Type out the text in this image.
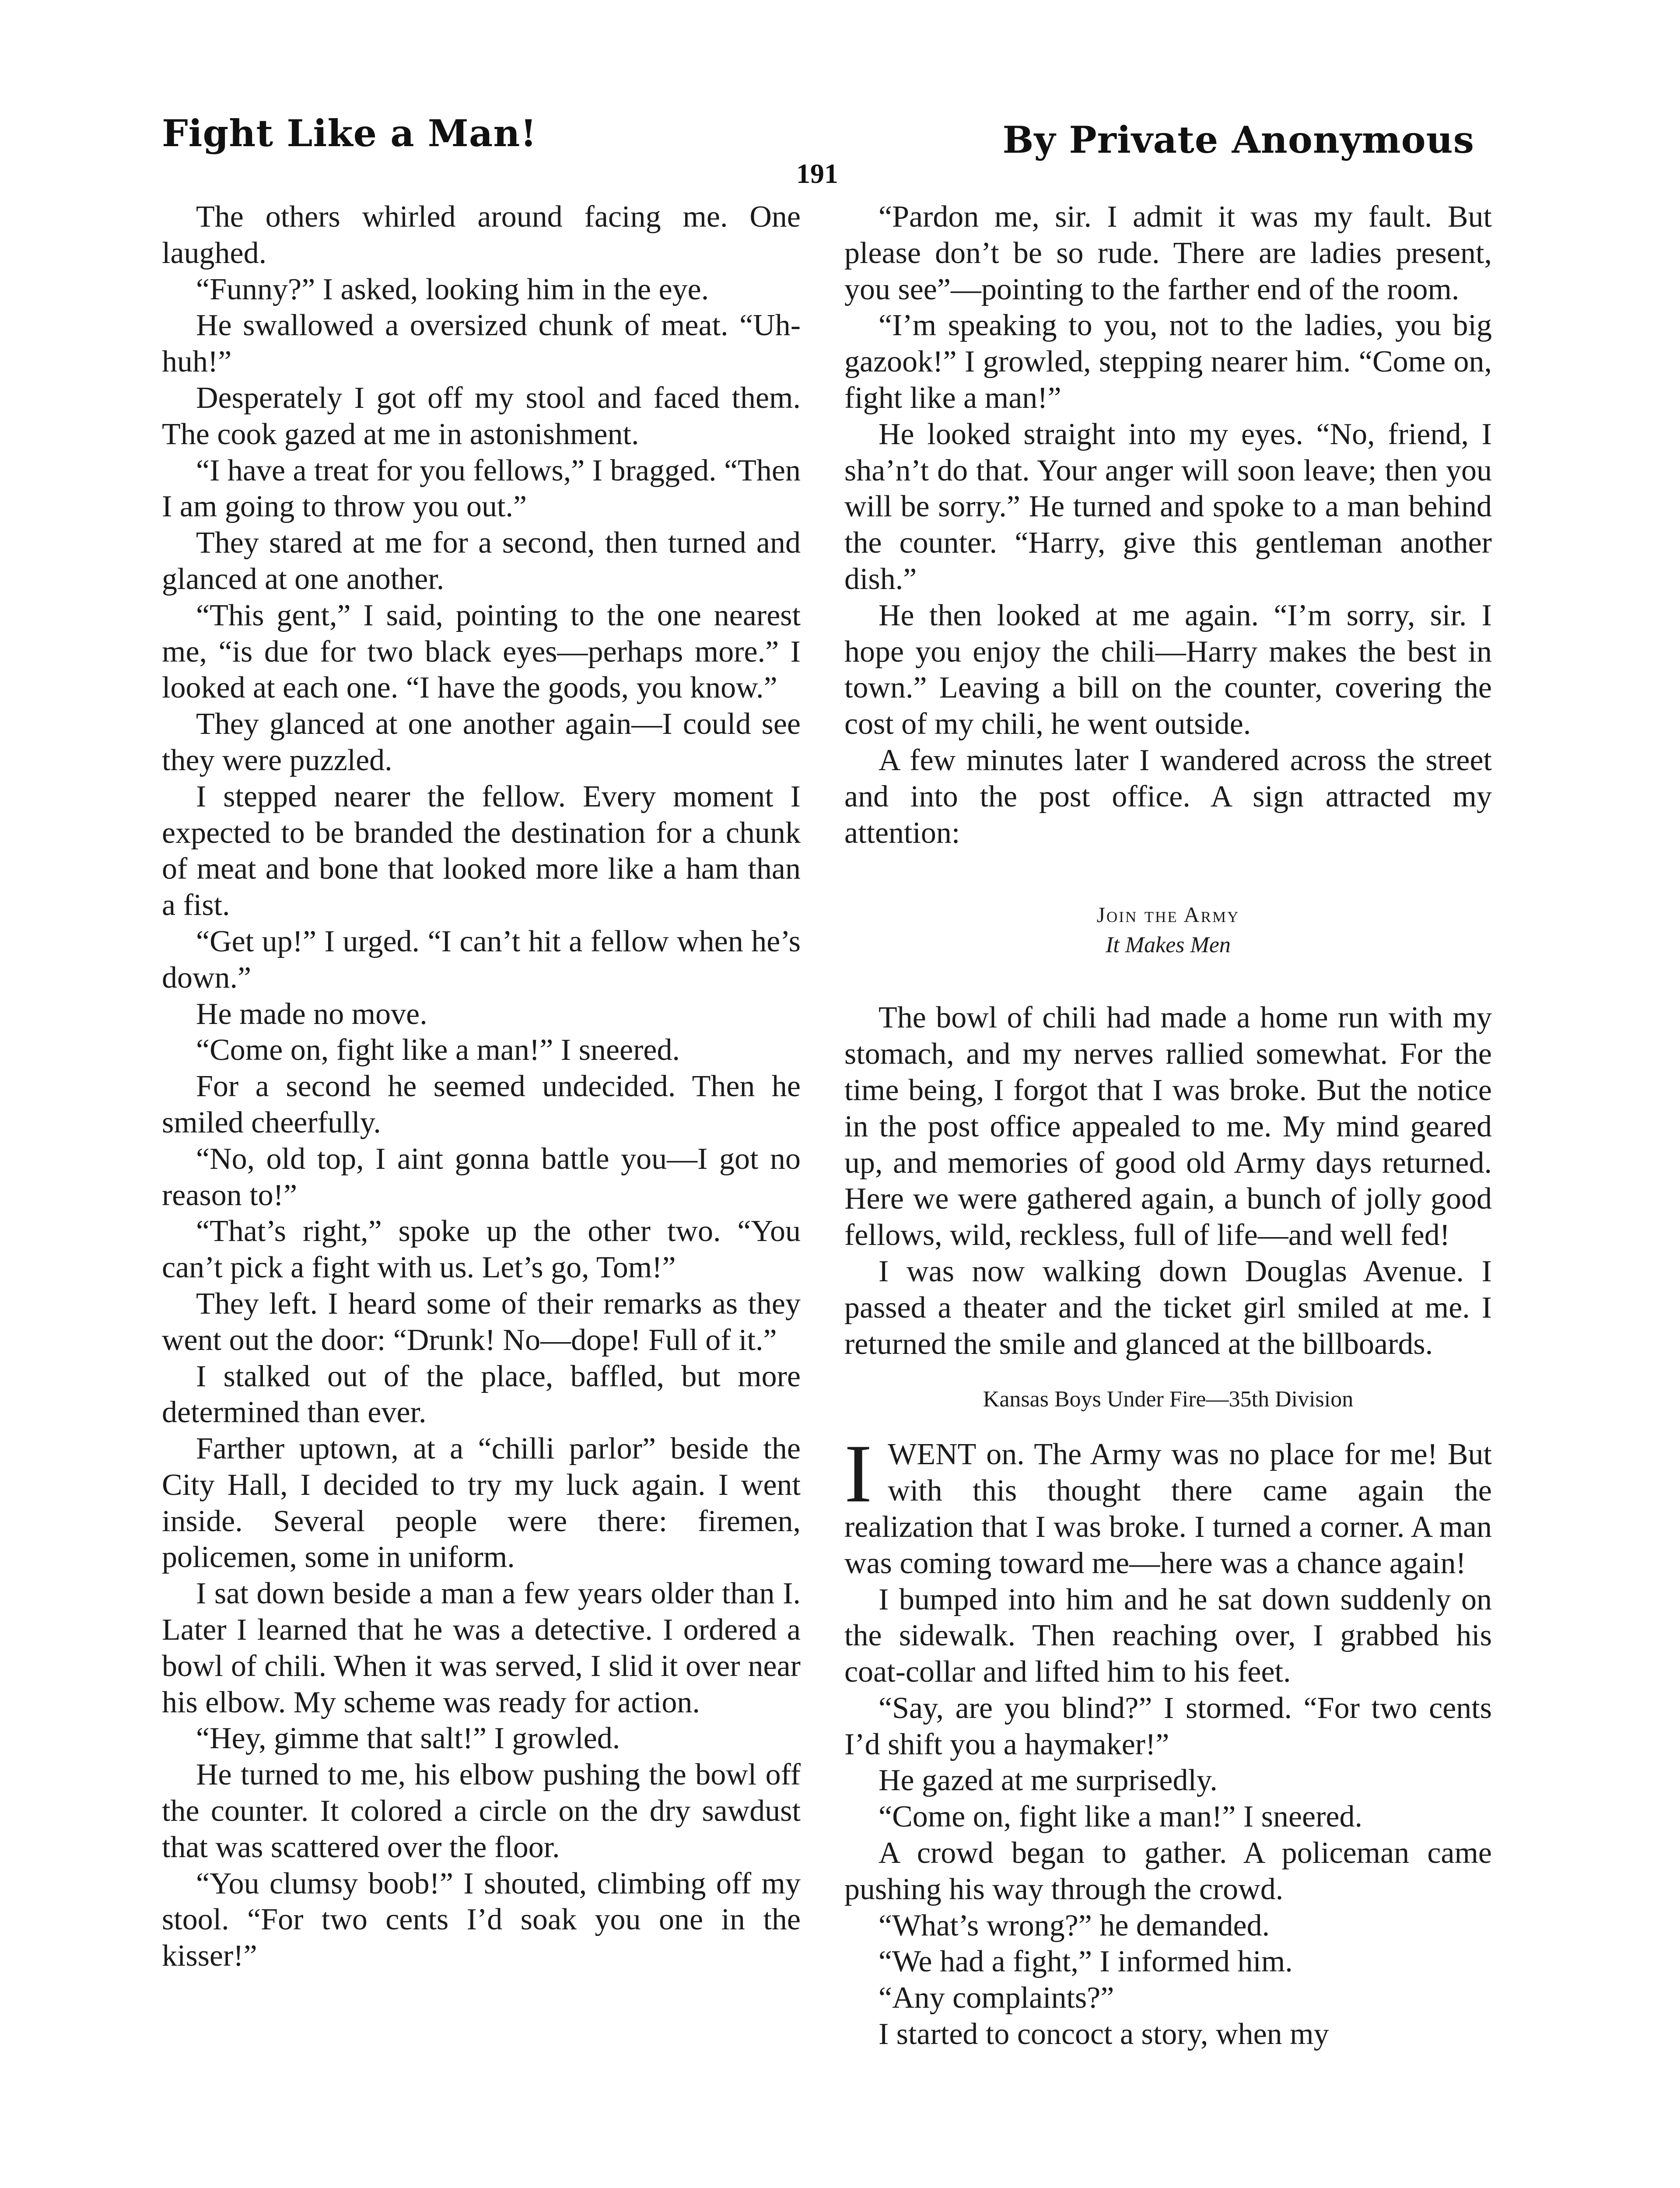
Fight Like a Man!	By Private Anonymous
191

The others whirled around facing me. One laughed.

“Funny?” I asked, looking him in the eye.

He swallowed a oversized chunk of meat. “Uh-huh!”

Desperately I got off my stool and faced them. The cook gazed at me in astonishment.

“I have a treat for you fellows,” I bragged. “Then I am going to throw you out.”

They stared at me for a second, then turned and glanced at one another.

“This gent,” I said, pointing to the one nearest me, “is due for two black eyes—perhaps more.” I looked at each one. “I have the goods, you know.”

They glanced at one another again—I could see they were puzzled.

I stepped nearer the fellow. Every moment I expected to be branded the destination for a chunk of meat and bone that looked more like a ham than a fist.

“Get up!” I urged. “I can’t hit a fellow when he’s down.”

He made no move.

“Come on, fight like a man!” I sneered.

For a second he seemed undecided. Then he smiled cheerfully.

“No, old top, I aint gonna battle you—I got no reason to!”

“That’s right,” spoke up the other two. “You can’t pick a fight with us. Let’s go, Tom!”

They left. I heard some of their remarks as they went out the door: “Drunk! No—dope! Full of it.”

I stalked out of the place, baffled, but more determined than ever.

Farther uptown, at a “chilli parlor” beside the City Hall, I decided to try my luck again. I went inside. Several people were there: firemen, policemen, some in uniform.

I sat down beside a man a few years older than I. Later I learned that he was a detective. I ordered a bowl of chili. When it was served, I slid it over near his elbow. My scheme was ready for action.

“Hey, gimme that salt!” I growled.

He turned to me, his elbow pushing the bowl off the counter. It colored a circle on the dry sawdust that was scattered over the floor.

“You clumsy boob!” I shouted, climbing off my stool. “For two cents I’d soak you one in the kisser!”

“Pardon me, sir. I admit it was my fault. But please don’t be so rude. There are ladies present, you see”—pointing to the farther end of the room.

“I’m speaking to you, not to the ladies, you big gazook!” I growled, stepping nearer him. “Come on, fight like a man!”

He looked straight into my eyes. “No, friend, I sha’n’t do that. Your anger will soon leave; then you will be sorry.” He turned and spoke to a man behind the counter. “Harry, give this gentleman another dish.”

He then looked at me again. “I’m sorry, sir. I hope you enjoy the chili—Harry makes the best in town.” Leaving a bill on the counter, covering the cost of my chili, he went outside.

A few minutes later I wandered across the street and into the post office. A sign attracted my attention:

Join the Army
It Makes Men

The bowl of chili had made a home run with my stomach, and my nerves rallied somewhat. For the time being, I forgot that I was broke. But the notice in the post office appealed to me. My mind geared up, and memories of good old Army days returned. Here we were gathered again, a bunch of jolly good fellows, wild, reckless, full of life—and well fed!

I was now walking down Douglas Avenue. I passed a theater and the ticket girl smiled at me. I returned the smile and glanced at the billboards.

Kansas Boys Under Fire—35th Division

IWENT on. The Army was no place for me! But with this thought there came again the realization that I was broke. I turned a corner. A man was coming toward me—here was a chance again!

I bumped into him and he sat down suddenly on the sidewalk. Then reaching over, I grabbed his coat-collar and lifted him to his feet.

“Say, are you blind?” I stormed. “For two cents I’d shift you a haymaker!”

He gazed at me surprisedly.

“Come on, fight like a man!” I sneered.

A crowd began to gather. A policeman came pushing his way through the crowd.

“What’s wrong?” he demanded.

“We had a fight,” I informed him.

“Any complaints?”

I started to concoct a story, when my
